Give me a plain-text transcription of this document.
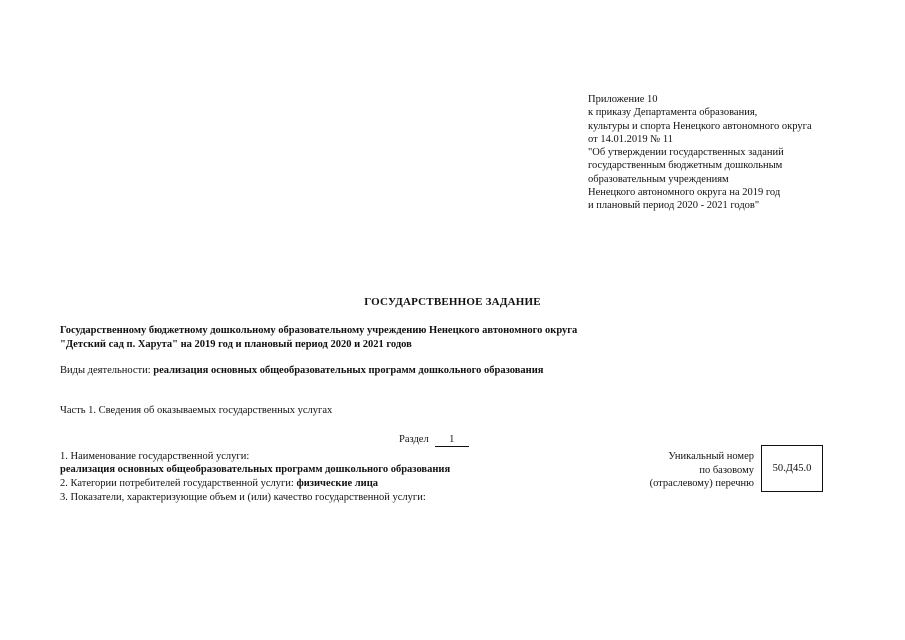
Приложение 10
к приказу Департамента образования,
культуры и спорта Ненецкого автономного округа
от 14.01.2019 № 11
"Об утверждении государственных заданий
государственным бюджетным дошкольным
образовательным учреждениям
Ненецкого автономного округа на 2019 год
и плановый период 2020 - 2021 годов"
ГОСУДАРСТВЕННОЕ ЗАДАНИЕ
Государственному бюджетному дошкольному образовательному учреждению Ненецкого автономного округа
"Детский сад п. Харута" на 2019 год и плановый период 2020 и 2021 годов
Виды деятельности: реализация основных общеобразовательных программ дошкольного образования
Часть 1. Сведения об оказываемых государственных услугах
Раздел 1
1. Наименование государственной услуги:
реализация основных общеобразовательных программ дошкольного образования
2. Категории потребителей государственной услуги: физические лица
3. Показатели, характеризующие объем и (или) качество государственной услуги:
Уникальный номер
по базовому
(отраслевому) перечню
50.Д45.0
